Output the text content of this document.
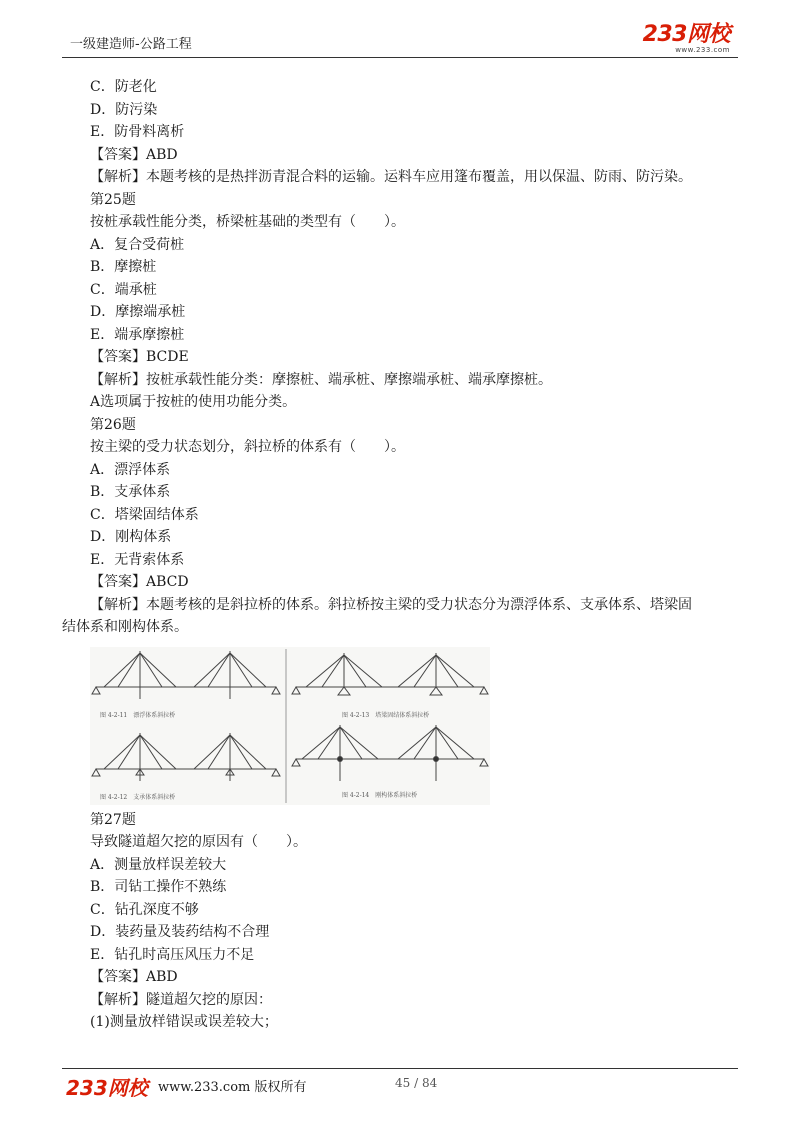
一级建造师-公路工程	233网校
www.233.com
C．防老化
D．防污染
E．防骨料离析
【答案】ABD
【解析】本题考核的是热拌沥青混合料的运输。运料车应用篷布覆盖，用以保温、防雨、防污染。
第25题
按桩承载性能分类，桥梁桩基础的类型有（　　）。
A．复合受荷桩
B．摩擦桩
C．端承桩
D．摩擦端承桩
E．端承摩擦桩
【答案】BCDE
【解析】按桩承载性能分类：摩擦桩、端承桩、摩擦端承桩、端承摩擦桩。
A选项属于按桩的使用功能分类。
第26题
按主梁的受力状态划分，斜拉桥的体系有（　　）。
A．漂浮体系
B．支承体系
C．塔梁固结体系
D．刚构体系
E．无背索体系
【答案】ABCD
【解析】本题考核的是斜拉桥的体系。斜拉桥按主梁的受力状态分为漂浮体系、支承体系、塔梁固
结体系和刚构体系。
图 4-2-11　漂浮体系斜拉桥
图 4-2-12　支承体系斜拉桥
图 4-2-13　塔梁固结体系斜拉桥
图 4-2-14　刚构体系斜拉桥
第27题
导致隧道超欠挖的原因有（　　）。
A．测量放样误差较大
B．司钻工操作不熟练
C．钻孔深度不够
D．装药量及装药结构不合理
E．钻孔时高压风压力不足
【答案】ABD
【解析】隧道超欠挖的原因：
(1)测量放样错误或误差较大；
233网校 www.233.com 版权所有	45 / 84
